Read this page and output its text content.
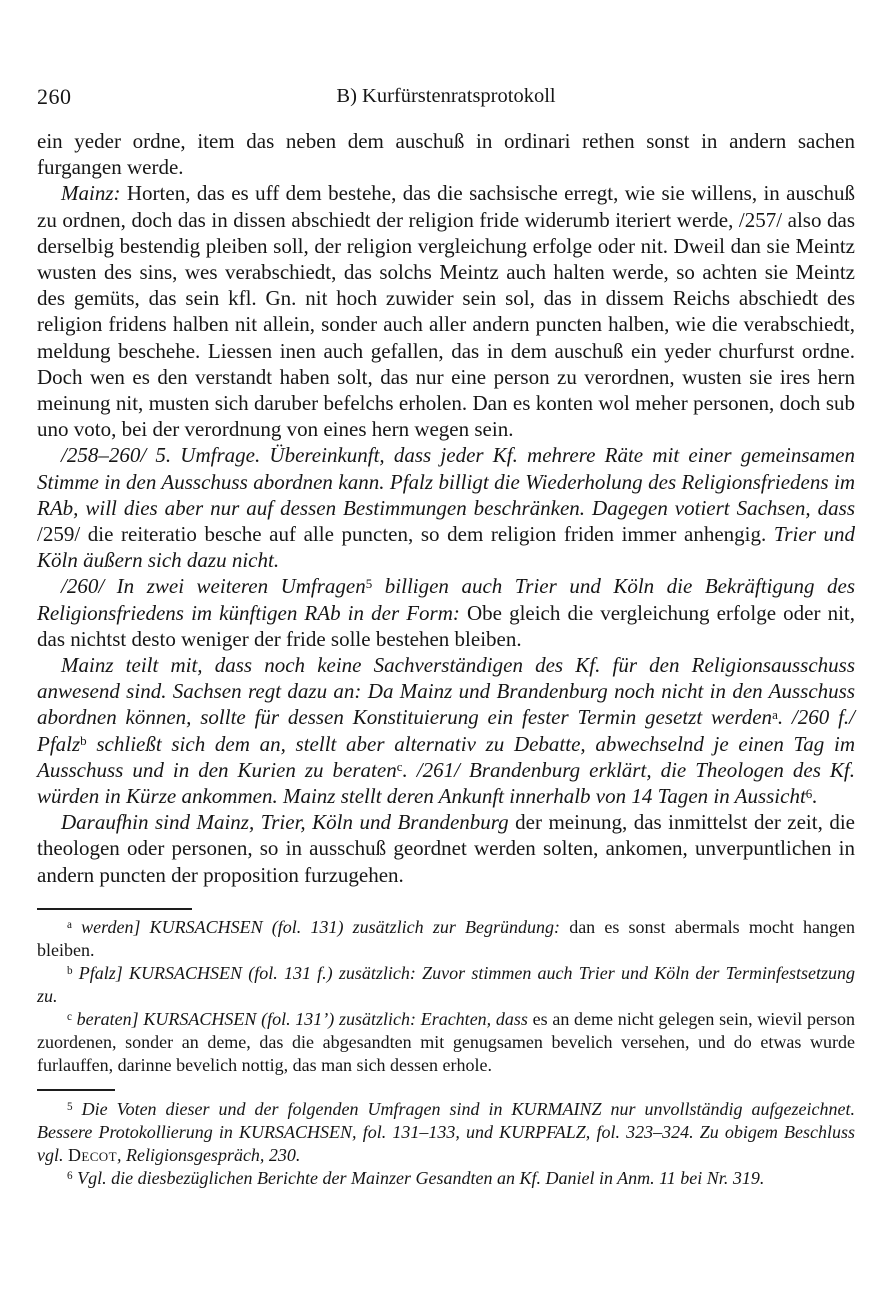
260	B) Kurfürstenratsprotokoll

ein yeder ordne, item das neben dem auschuß in ordinari rethen sonst in andern sachen furgangen werde.

Mainz: Horten, das es uff dem bestehe, das die sachsische erregt, wie sie willens, in auschuß zu ordnen, doch das in dissen abschiedt der religion fride widerumb iteriert werde, /257/ also das derselbig bestendig pleiben soll, der religion vergleichung erfolge oder nit. Dweil dan sie Meintz wusten des sins, wes verabschiedt, das solchs Meintz auch halten werde, so achten sie Meintz des gemüts, das sein kfl. Gn. nit hoch zuwider sein sol, das in dissem Reichs abschiedt des religion fridens halben nit allein, sonder auch aller andern puncten halben, wie die verabschiedt, meldung beschehe. Liessen inen auch gefallen, das in dem auschuß ein yeder churfurst ordne. Doch wen es den verstandt haben solt, das nur eine person zu verordnen, wusten sie ires hern meinung nit, musten sich daruber befelchs erholen. Dan es konten wol meher personen, doch sub uno voto, bei der verordnung von eines hern wegen sein.

/258–260/ 5. Umfrage. Übereinkunft, dass jeder Kf. mehrere Räte mit einer gemeinsamen Stimme in den Ausschuss abordnen kann. Pfalz billigt die Wiederholung des Religionsfriedens im RAb, will dies aber nur auf dessen Bestimmungen beschränken. Dagegen votiert Sachsen, dass /259/ die reiteratio besche auf alle puncten, so dem religion friden immer anhengig. Trier und Köln äußern sich dazu nicht.

/260/ In zwei weiteren Umfragen$^5$ billigen auch Trier und Köln die Bekräftigung des Religionsfriedens im künftigen RAb in der Form: Obe gleich die vergleichung erfolge oder nit, das nichtst desto weniger der fride solle bestehen bleiben.

Mainz teilt mit, dass noch keine Sachverständigen des Kf. für den Religionsausschuss anwesend sind. Sachsen regt dazu an: Da Mainz und Brandenburg noch nicht in den Ausschuss abordnen können, sollte für dessen Konstituierung ein fester Termin gesetzt werden$^a$. /260 f./ Pfalz$^b$ schließt sich dem an, stellt aber alternativ zu Debatte, abwechselnd je einen Tag im Ausschuss und in den Kurien zu beraten$^c$. /261/ Brandenburg erklärt, die Theologen des Kf. würden in Kürze ankommen. Mainz stellt deren Ankunft innerhalb von 14 Tagen in Aussicht$^6$.

Daraufhin sind Mainz, Trier, Köln und Brandenburg der meinung, das inmittelst der zeit, die theologen oder personen, so in ausschuß geordnet werden solten, ankomen, unverpuntlichen in andern puncten der proposition furzugehen.

$^a$ werden] KURSACHSEN (fol. 131) zusätzlich zur Begründung: dan es sonst abermals mocht hangen bleiben.

$^b$ Pfalz] KURSACHSEN (fol. 131 f.) zusätzlich: Zuvor stimmen auch Trier und Köln der Terminfestsetzung zu.

$^c$ beraten] KURSACHSEN (fol. 131’) zusätzlich: Erachten, dass es an deme nicht gelegen sein, wievil person zuordenen, sonder an deme, das die abgesandten mit genugsamen bevelich versehen, und do etwas wurde furlauffen, darinne bevelich nottig, das man sich dessen erhole.

$^5$ Die Voten dieser und der folgenden Umfragen sind in KURMAINZ nur unvollständig aufgezeichnet. Bessere Protokollierung in KURSACHSEN, fol. 131–133, und KURPFALZ, fol. 323–324. Zu obigem Beschluss vgl. Decot, Religionsgespräch, 230.

$^6$ Vgl. die diesbezüglichen Berichte der Mainzer Gesandten an Kf. Daniel in Anm. 11 bei Nr. 319.
